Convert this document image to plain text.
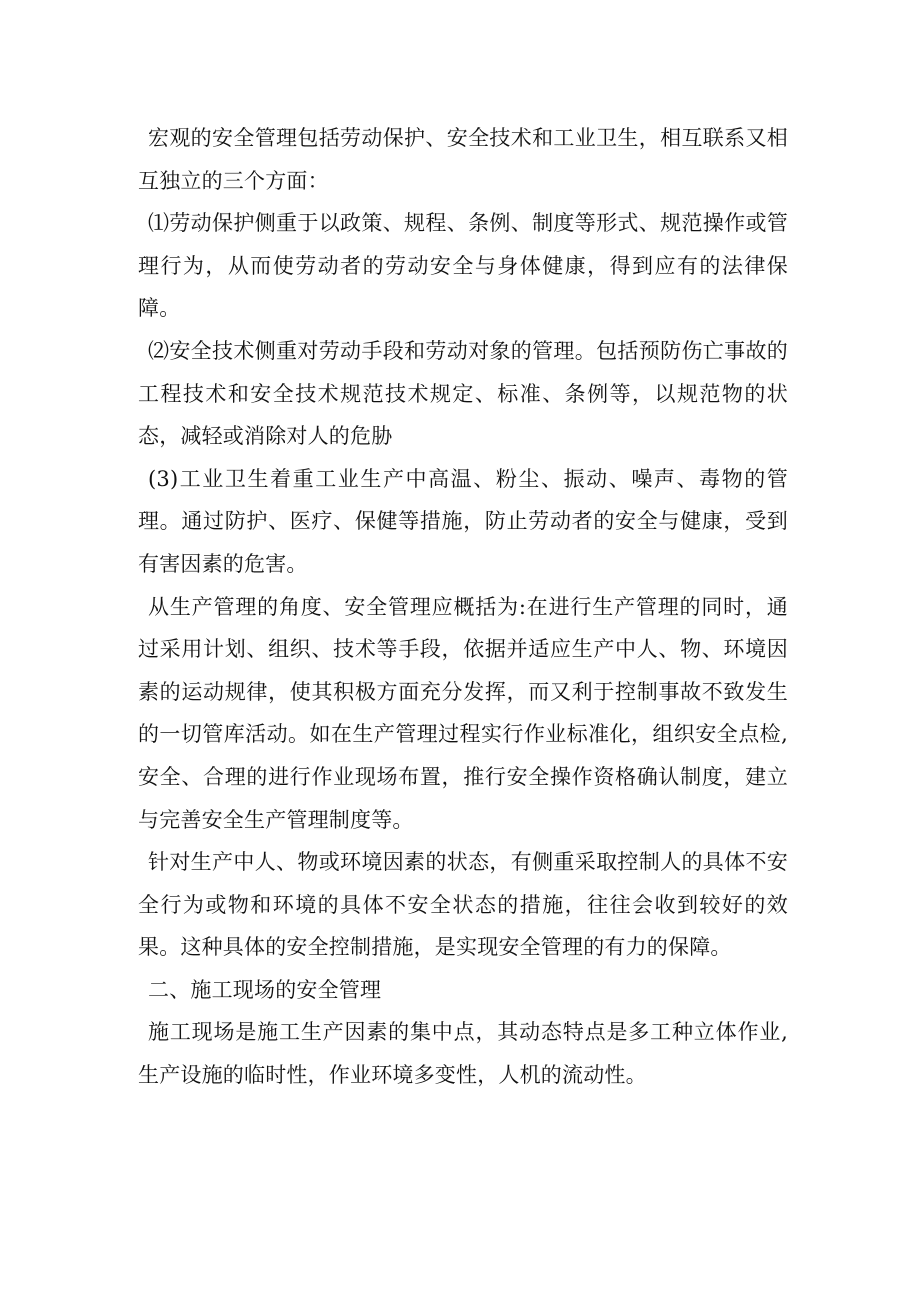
宏观的安全管理包括劳动保护、安全技术和工业卫生，相互联系又相互独立的三个方面：

⑴劳动保护侧重于以政策、规程、条例、制度等形式、规范操作或管理行为，从而使劳动者的劳动安全与身体健康，得到应有的法律保障。

⑵安全技术侧重对劳动手段和劳动对象的管理。包括预防伤亡事故的工程技术和安全技术规范技术规定、标准、条例等，以规范物的状态，减轻或消除对人的危胁

(3)工业卫生着重工业生产中高温、粉尘、振动、噪声、毒物的管理。通过防护、医疗、保健等措施，防止劳动者的安全与健康，受到有害因素的危害。

从生产管理的角度、安全管理应概括为:在进行生产管理的同时，通过采用计划、组织、技术等手段，依据并适应生产中人、物、环境因素的运动规律，使其积极方面充分发挥，而又利于控制事故不致发生的一切管库活动。如在生产管理过程实行作业标准化，组织安全点检,安全、合理的进行作业现场布置，推行安全操作资格确认制度，建立与完善安全生产管理制度等。

针对生产中人、物或环境因素的状态，有侧重采取控制人的具体不安全行为或物和环境的具体不安全状态的措施，往往会收到较好的效果。这种具体的安全控制措施，是实现安全管理的有力的保障。

二、施工现场的安全管理

施工现场是施工生产因素的集中点，其动态特点是多工种立体作业,生产设施的临时性，作业环境多变性，人机的流动性。
